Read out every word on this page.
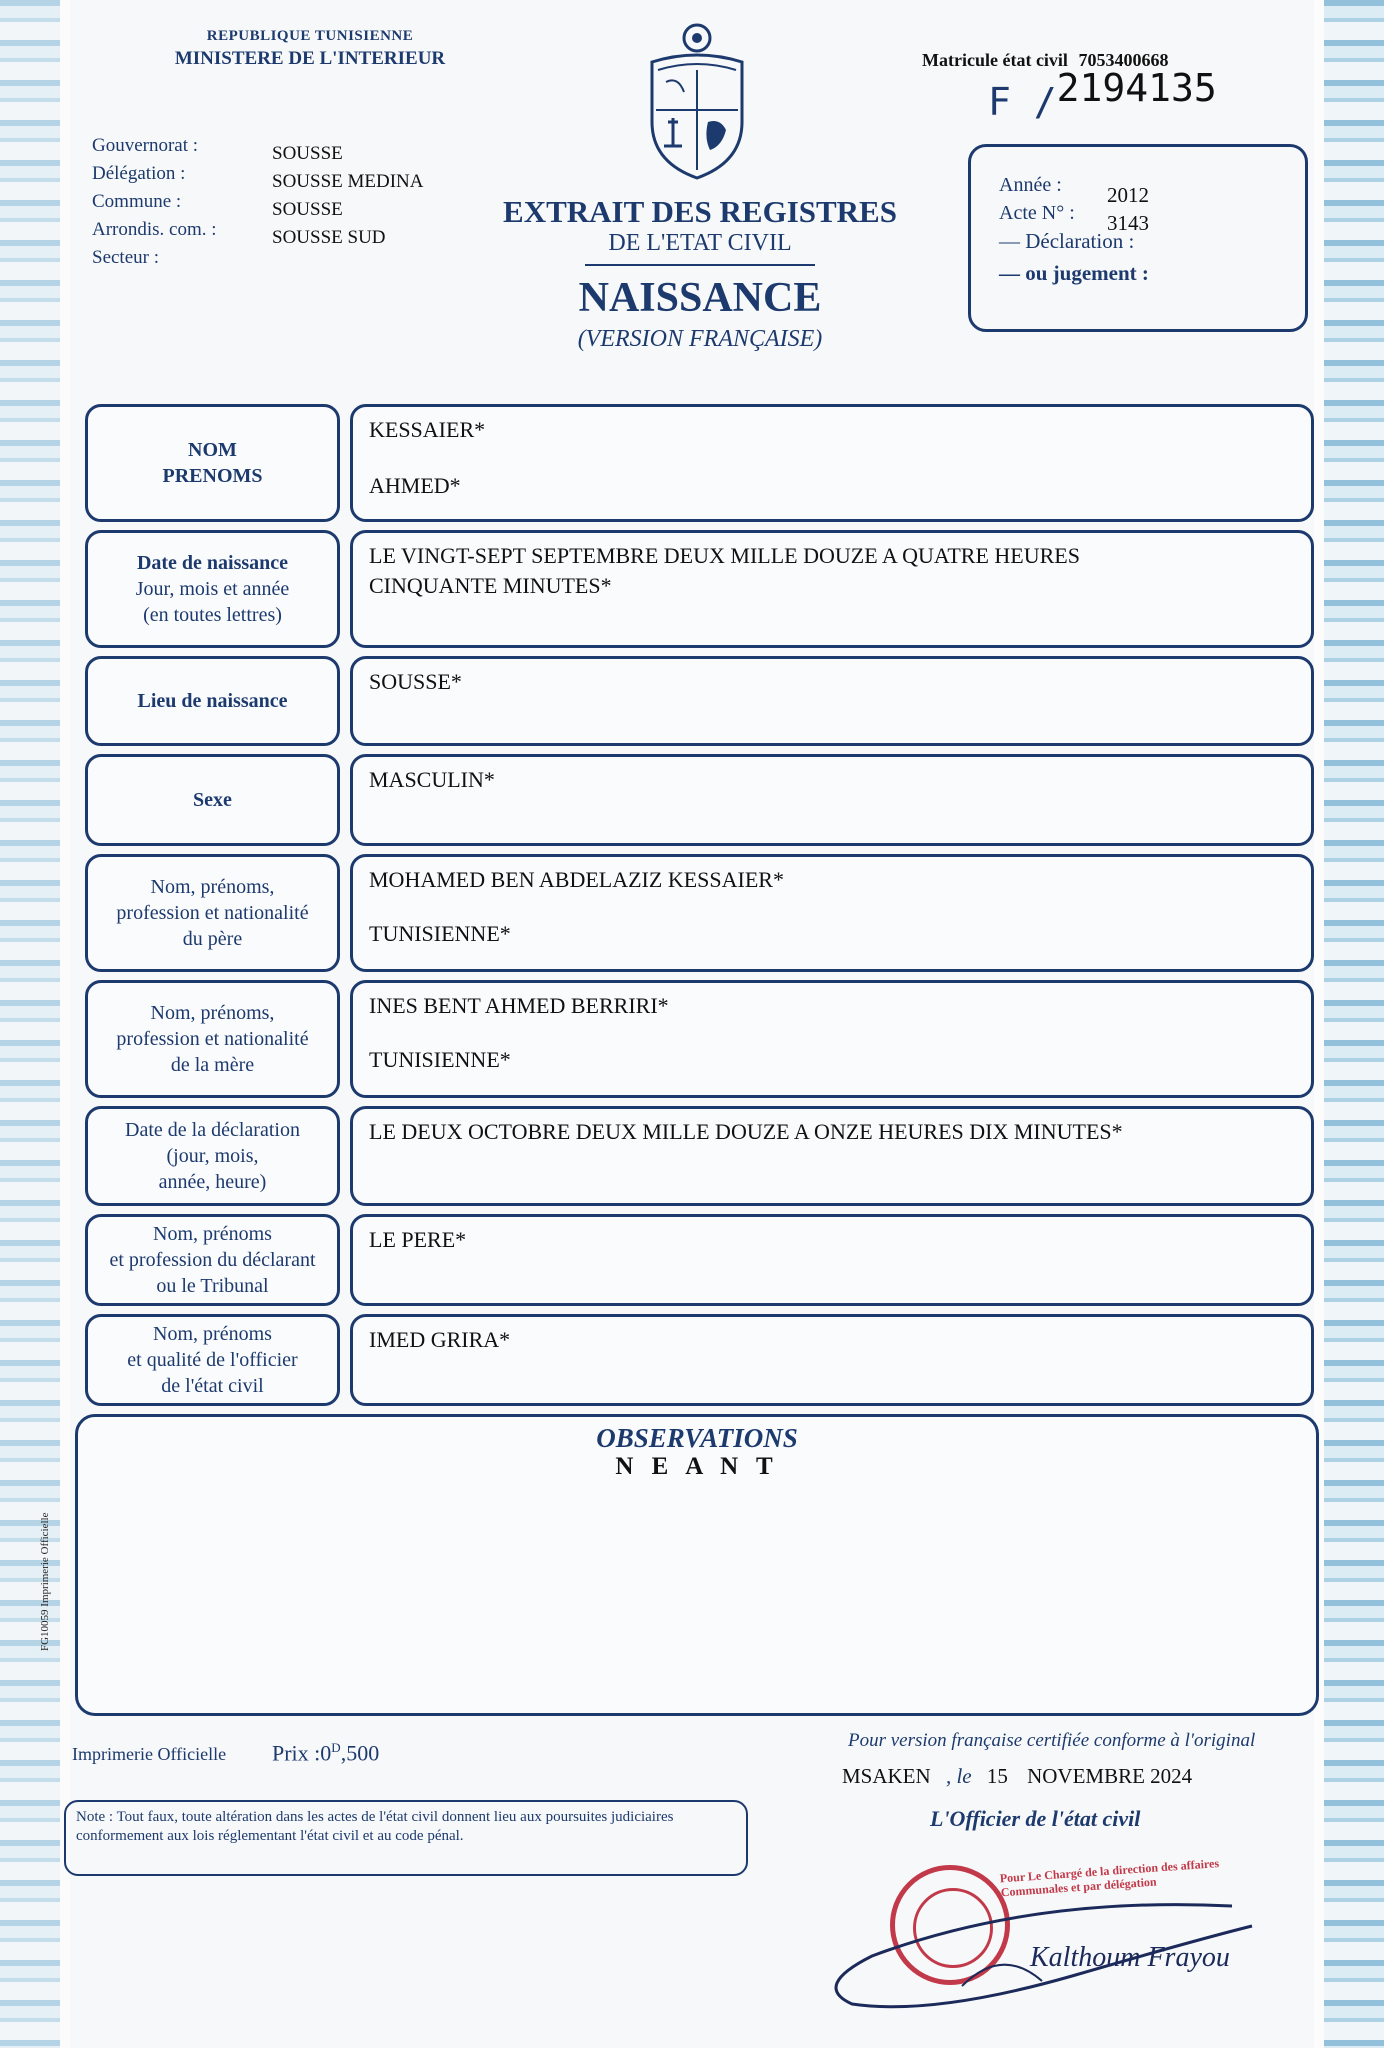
REPUBLIQUE TUNISIENNE
MINISTERE DE L'INTERIEUR	Matricule état civil 7053400668
F /2194135
Gouvernorat :
Délégation :
Commune :
Arrondis. com. :
Secteur :
SOUSSE
SOUSSE MEDINA
SOUSSE
SOUSSE SUD
EXTRAIT DES REGISTRES
DE L'ETAT CIVIL
NAISSANCE
(VERSION FRANÇAISE)
Année : 2012
Acte N° : 3143
— Déclaration :
— ou jugement :
NOM
PRENOMS
KESSAIER*
AHMED*
Date de naissance
Jour, mois et année
(en toutes lettres)
LE VINGT-SEPT SEPTEMBRE DEUX MILLE DOUZE A QUATRE HEURES
CINQUANTE MINUTES*
Lieu de naissance
SOUSSE*
Sexe
MASCULIN*
Nom, prénoms,
profession et nationalité
du père
MOHAMED BEN ABDELAZIZ KESSAIER*
TUNISIENNE*
Nom, prénoms,
profession et nationalité
de la mère
INES BENT AHMED BERRIRI*
TUNISIENNE*
Date de la déclaration
(jour, mois,
année, heure)
LE DEUX OCTOBRE DEUX MILLE DOUZE A ONZE HEURES DIX MINUTES*
Nom, prénoms
et profession du déclarant
ou le Tribunal
LE PERE*
Nom, prénoms
et qualité de l'officier
de l'état civil
IMED GRIRA*
OBSERVATIONS
N E A N T
FG10059 Imprimerie Officielle
Imprimerie Officielle Prix $:0^D,500$
Note : Tout faux, toute altération dans les actes de l'état civil donnent lieu aux poursuites judiciaires conformement aux lois réglementant l'état civil et au code pénal.
Pour version française certifiée conforme à l'original
MSAKEN , le 15 NOVEMBRE 2024
L'Officier de l'état civil
Pour Le Chargé de la direction des affaires Communales et par délégation
Kalthoum Frayou
